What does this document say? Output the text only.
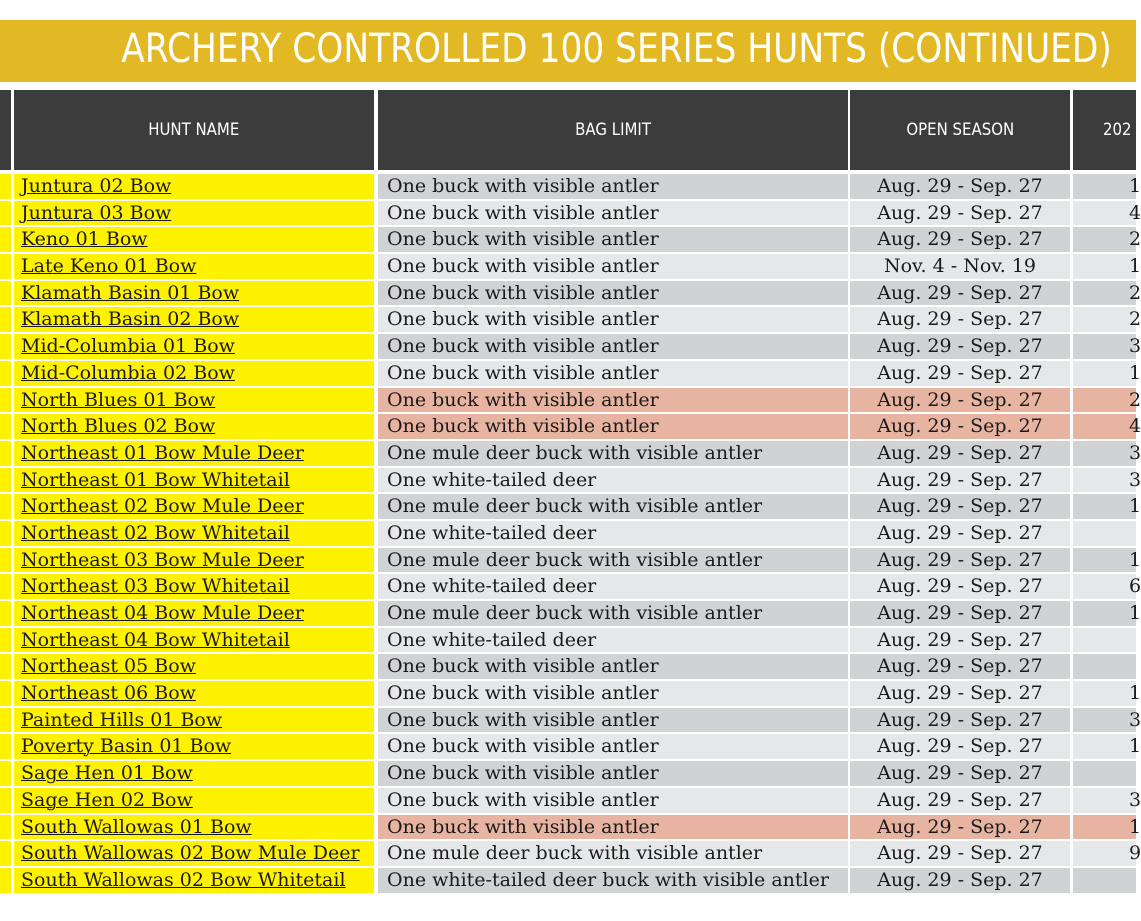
ARCHERY CONTROLLED 100 SERIES HUNTS (CONTINUED)
HUNT NAME	BAG LIMIT	OPEN SEASON	202
Juntura 02 Bow	One buck with visible antler	Aug. 29 - Sep. 27	1
Juntura 03 Bow	One buck with visible antler	Aug. 29 - Sep. 27	4
Keno 01 Bow	One buck with visible antler	Aug. 29 - Sep. 27	2
Late Keno 01 Bow	One buck with visible antler	Nov. 4 - Nov. 19	1
Klamath Basin 01 Bow	One buck with visible antler	Aug. 29 - Sep. 27	2
Klamath Basin 02 Bow	One buck with visible antler	Aug. 29 - Sep. 27	2
Mid-Columbia 01 Bow	One buck with visible antler	Aug. 29 - Sep. 27	3
Mid-Columbia 02 Bow	One buck with visible antler	Aug. 29 - Sep. 27	1
North Blues 01 Bow	One buck with visible antler	Aug. 29 - Sep. 27	2
North Blues 02 Bow	One buck with visible antler	Aug. 29 - Sep. 27	4
Northeast 01 Bow Mule Deer	One mule deer buck with visible antler	Aug. 29 - Sep. 27	3
Northeast 01 Bow Whitetail	One white-tailed deer	Aug. 29 - Sep. 27	3
Northeast 02 Bow Mule Deer	One mule deer buck with visible antler	Aug. 29 - Sep. 27	1
Northeast 02 Bow Whitetail	One white-tailed deer	Aug. 29 - Sep. 27
Northeast 03 Bow Mule Deer	One mule deer buck with visible antler	Aug. 29 - Sep. 27	1
Northeast 03 Bow Whitetail	One white-tailed deer	Aug. 29 - Sep. 27	6
Northeast 04 Bow Mule Deer	One mule deer buck with visible antler	Aug. 29 - Sep. 27	1
Northeast 04 Bow Whitetail	One white-tailed deer	Aug. 29 - Sep. 27
Northeast 05 Bow	One buck with visible antler	Aug. 29 - Sep. 27
Northeast 06 Bow	One buck with visible antler	Aug. 29 - Sep. 27	1
Painted Hills 01 Bow	One buck with visible antler	Aug. 29 - Sep. 27	3
Poverty Basin 01 Bow	One buck with visible antler	Aug. 29 - Sep. 27	1
Sage Hen 01 Bow	One buck with visible antler	Aug. 29 - Sep. 27
Sage Hen 02 Bow	One buck with visible antler	Aug. 29 - Sep. 27	3
South Wallowas 01 Bow	One buck with visible antler	Aug. 29 - Sep. 27	1
South Wallowas 02 Bow Mule Deer	One mule deer buck with visible antler	Aug. 29 - Sep. 27	9
South Wallowas 02 Bow Whitetail	One white-tailed deer buck with visible antler	Aug. 29 - Sep. 27
